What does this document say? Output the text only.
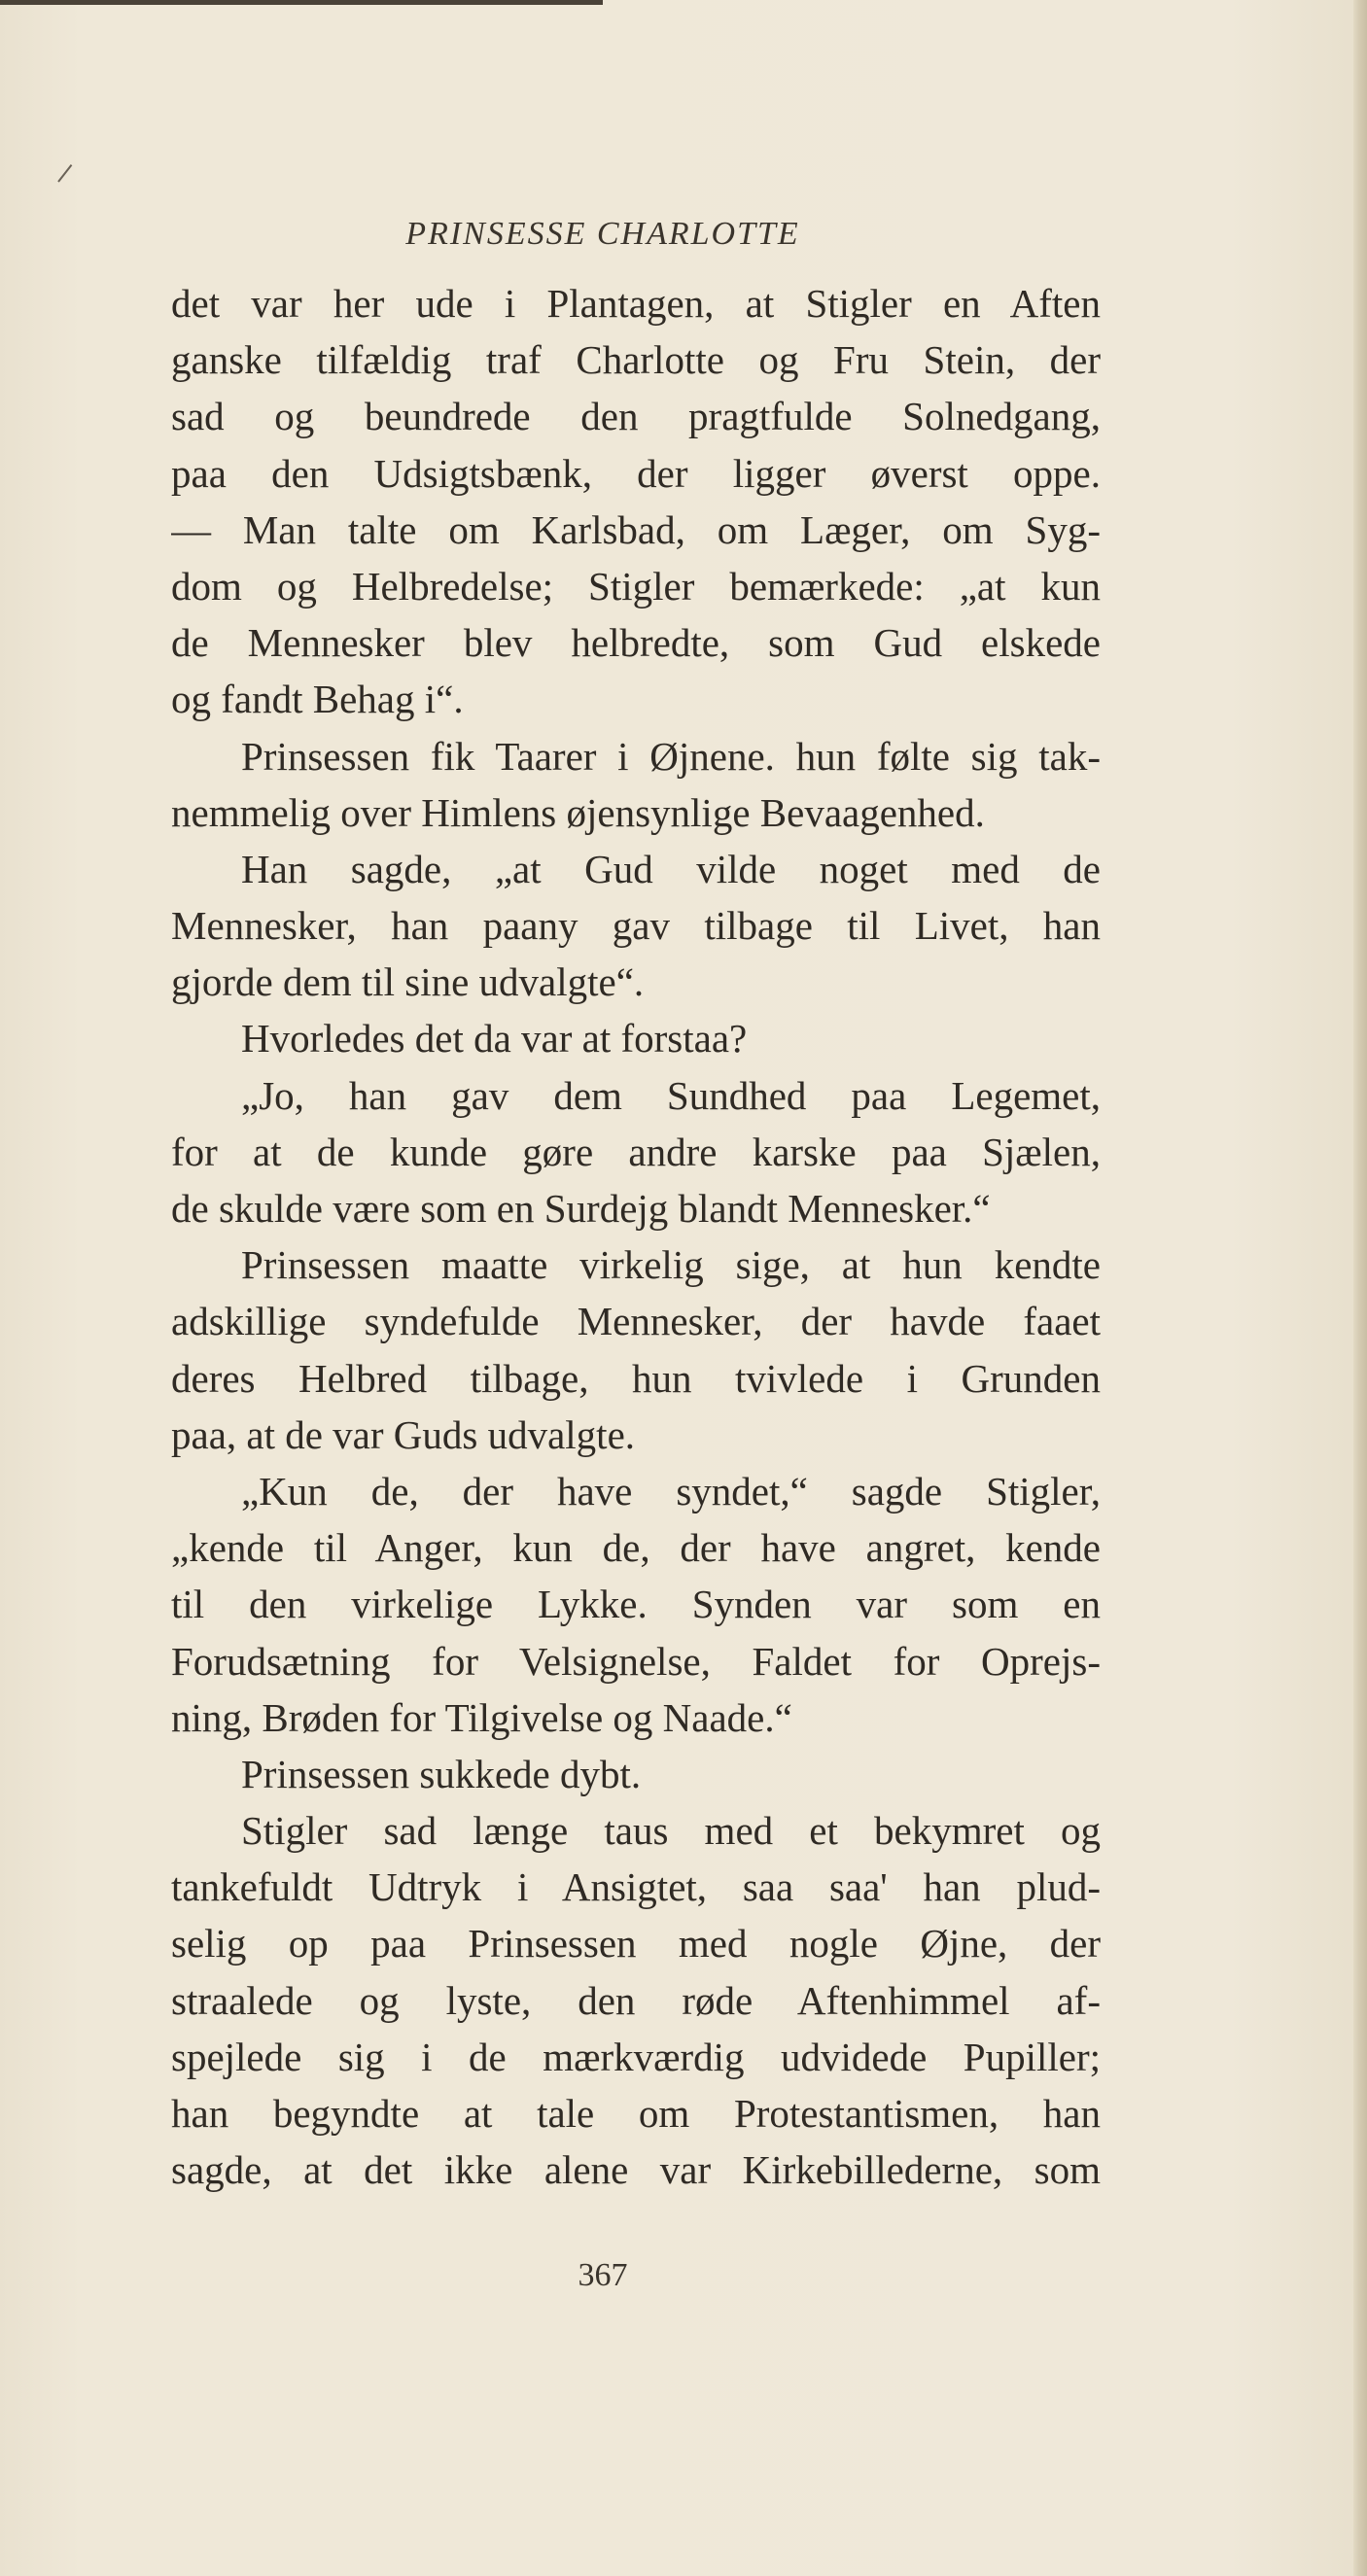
PRINSESSE CHARLOTTE
det var her ude i Plantagen, at Stigler en Aften
ganske tilfældig traf Charlotte og Fru Stein, der
sad og beundrede den pragtfulde Solnedgang,
paa den Udsigtsbænk, der ligger øverst oppe.
— Man talte om Karlsbad, om Læger, om Syg-
dom og Helbredelse; Stigler bemærkede: „at kun
de Mennesker blev helbredte, som Gud elskede
og fandt Behag i“.
Prinsessen fik Taarer i Øjnene. hun følte sig tak-
nemmelig over Himlens øjensynlige Bevaagenhed.
Han sagde, „at Gud vilde noget med de
Mennesker, han paany gav tilbage til Livet, han
gjorde dem til sine udvalgte“.
Hvorledes det da var at forstaa?
„Jo, han gav dem Sundhed paa Legemet,
for at de kunde gøre andre karske paa Sjælen,
de skulde være som en Surdejg blandt Mennesker.“
Prinsessen maatte virkelig sige, at hun kendte
adskillige syndefulde Mennesker, der havde faaet
deres Helbred tilbage, hun tvivlede i Grunden
paa, at de var Guds udvalgte.
„Kun de, der have syndet,“ sagde Stigler,
„kende til Anger, kun de, der have angret, kende
til den virkelige Lykke. Synden var som en
Forudsætning for Velsignelse, Faldet for Oprejs-
ning, Brøden for Tilgivelse og Naade.“
Prinsessen sukkede dybt.
Stigler sad længe taus med et bekymret og
tankefuldt Udtryk i Ansigtet, saa saa' han plud-
selig op paa Prinsessen med nogle Øjne, der
straalede og lyste, den røde Aftenhimmel af-
spejlede sig i de mærkværdig udvidede Pupiller;
han begyndte at tale om Protestantismen, han
sagde, at det ikke alene var Kirkebillederne, som
367
